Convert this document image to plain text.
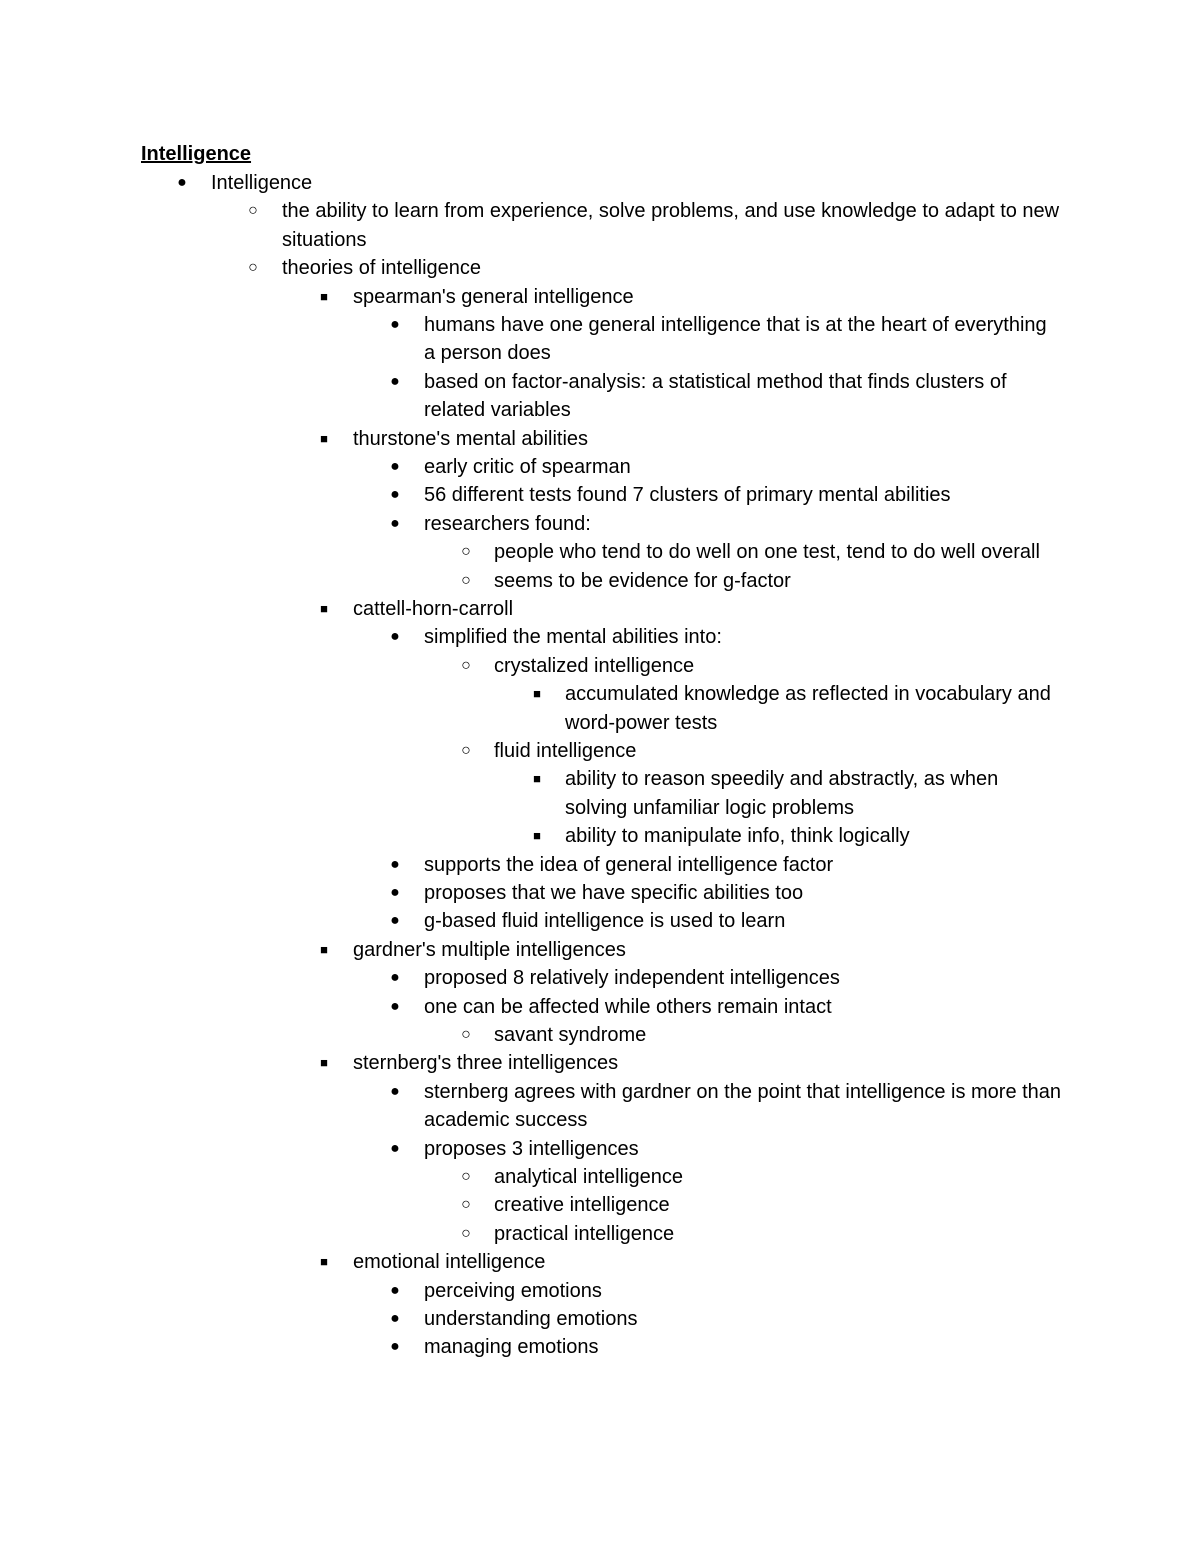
Intelligence
● Intelligence
○ the ability to learn from experience, solve problems, and use knowledge to adapt to new situations
○ theories of intelligence
■ spearman's general intelligence
● humans have one general intelligence that is at the heart of everything a person does
● based on factor-analysis: a statistical method that finds clusters of related variables
■ thurstone's mental abilities
● early critic of spearman
● 56 different tests found 7 clusters of primary mental abilities
● researchers found:
○ people who tend to do well on one test, tend to do well overall
○ seems to be evidence for g-factor
■ cattell-horn-carroll
● simplified the mental abilities into:
○ crystalized intelligence
■ accumulated knowledge as reflected in vocabulary and word-power tests
○ fluid intelligence
■ ability to reason speedily and abstractly, as when solving unfamiliar logic problems
■ ability to manipulate info, think logically
● supports the idea of general intelligence factor
● proposes that we have specific abilities too
● g-based fluid intelligence is used to learn
■ gardner's multiple intelligences
● proposed 8 relatively independent intelligences
● one can be affected while others remain intact
○ savant syndrome
■ sternberg's three intelligences
● sternberg agrees with gardner on the point that intelligence is more than academic success
● proposes 3 intelligences
○ analytical intelligence
○ creative intelligence
○ practical intelligence
■ emotional intelligence
● perceiving emotions
● understanding emotions
● managing emotions
